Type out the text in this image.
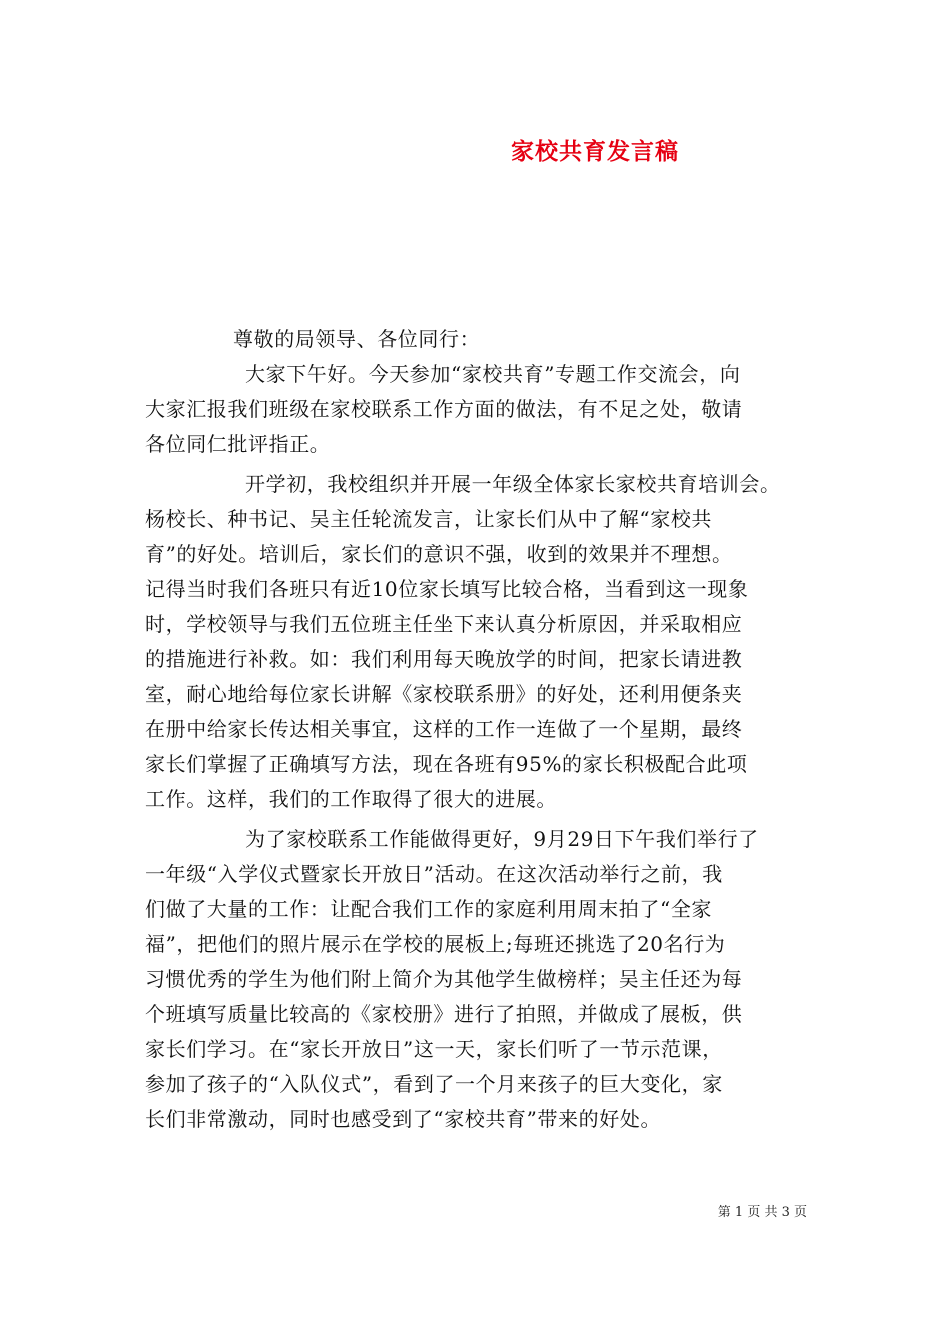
家校共育发言稿
尊敬的局领导、各位同行：
大家下午好。今天参加“家校共育”专题工作交流会，向
大家汇报我们班级在家校联系工作方面的做法，有不足之处，敬请
各位同仁批评指正。
开学初，我校组织并开展一年级全体家长家校共育培训会。
杨校长、种书记、吴主任轮流发言，让家长们从中了解“家校共
育”的好处。培训后，家长们的意识不强，收到的效果并不理想。
记得当时我们各班只有近10位家长填写比较合格，当看到这一现象
时，学校领导与我们五位班主任坐下来认真分析原因，并采取相应
的措施进行补救。如：我们利用每天晚放学的时间，把家长请进教
室，耐心地给每位家长讲解《家校联系册》的好处，还利用便条夹
在册中给家长传达相关事宜，这样的工作一连做了一个星期，最终
家长们掌握了正确填写方法，现在各班有95%的家长积极配合此项
工作。这样，我们的工作取得了很大的进展。
为了家校联系工作能做得更好，9月29日下午我们举行了
一年级“入学仪式暨家长开放日”活动。在这次活动举行之前，我
们做了大量的工作：让配合我们工作的家庭利用周末拍了“全家
福”，把他们的照片展示在学校的展板上;每班还挑选了20名行为
习惯优秀的学生为他们附上简介为其他学生做榜样；吴主任还为每
个班填写质量比较高的《家校册》进行了拍照，并做成了展板，供
家长们学习。在“家长开放日”这一天，家长们听了一节示范课，
参加了孩子的“入队仪式”，看到了一个月来孩子的巨大变化，家
长们非常激动，同时也感受到了“家校共育”带来的好处。
第 1 页 共 3 页
